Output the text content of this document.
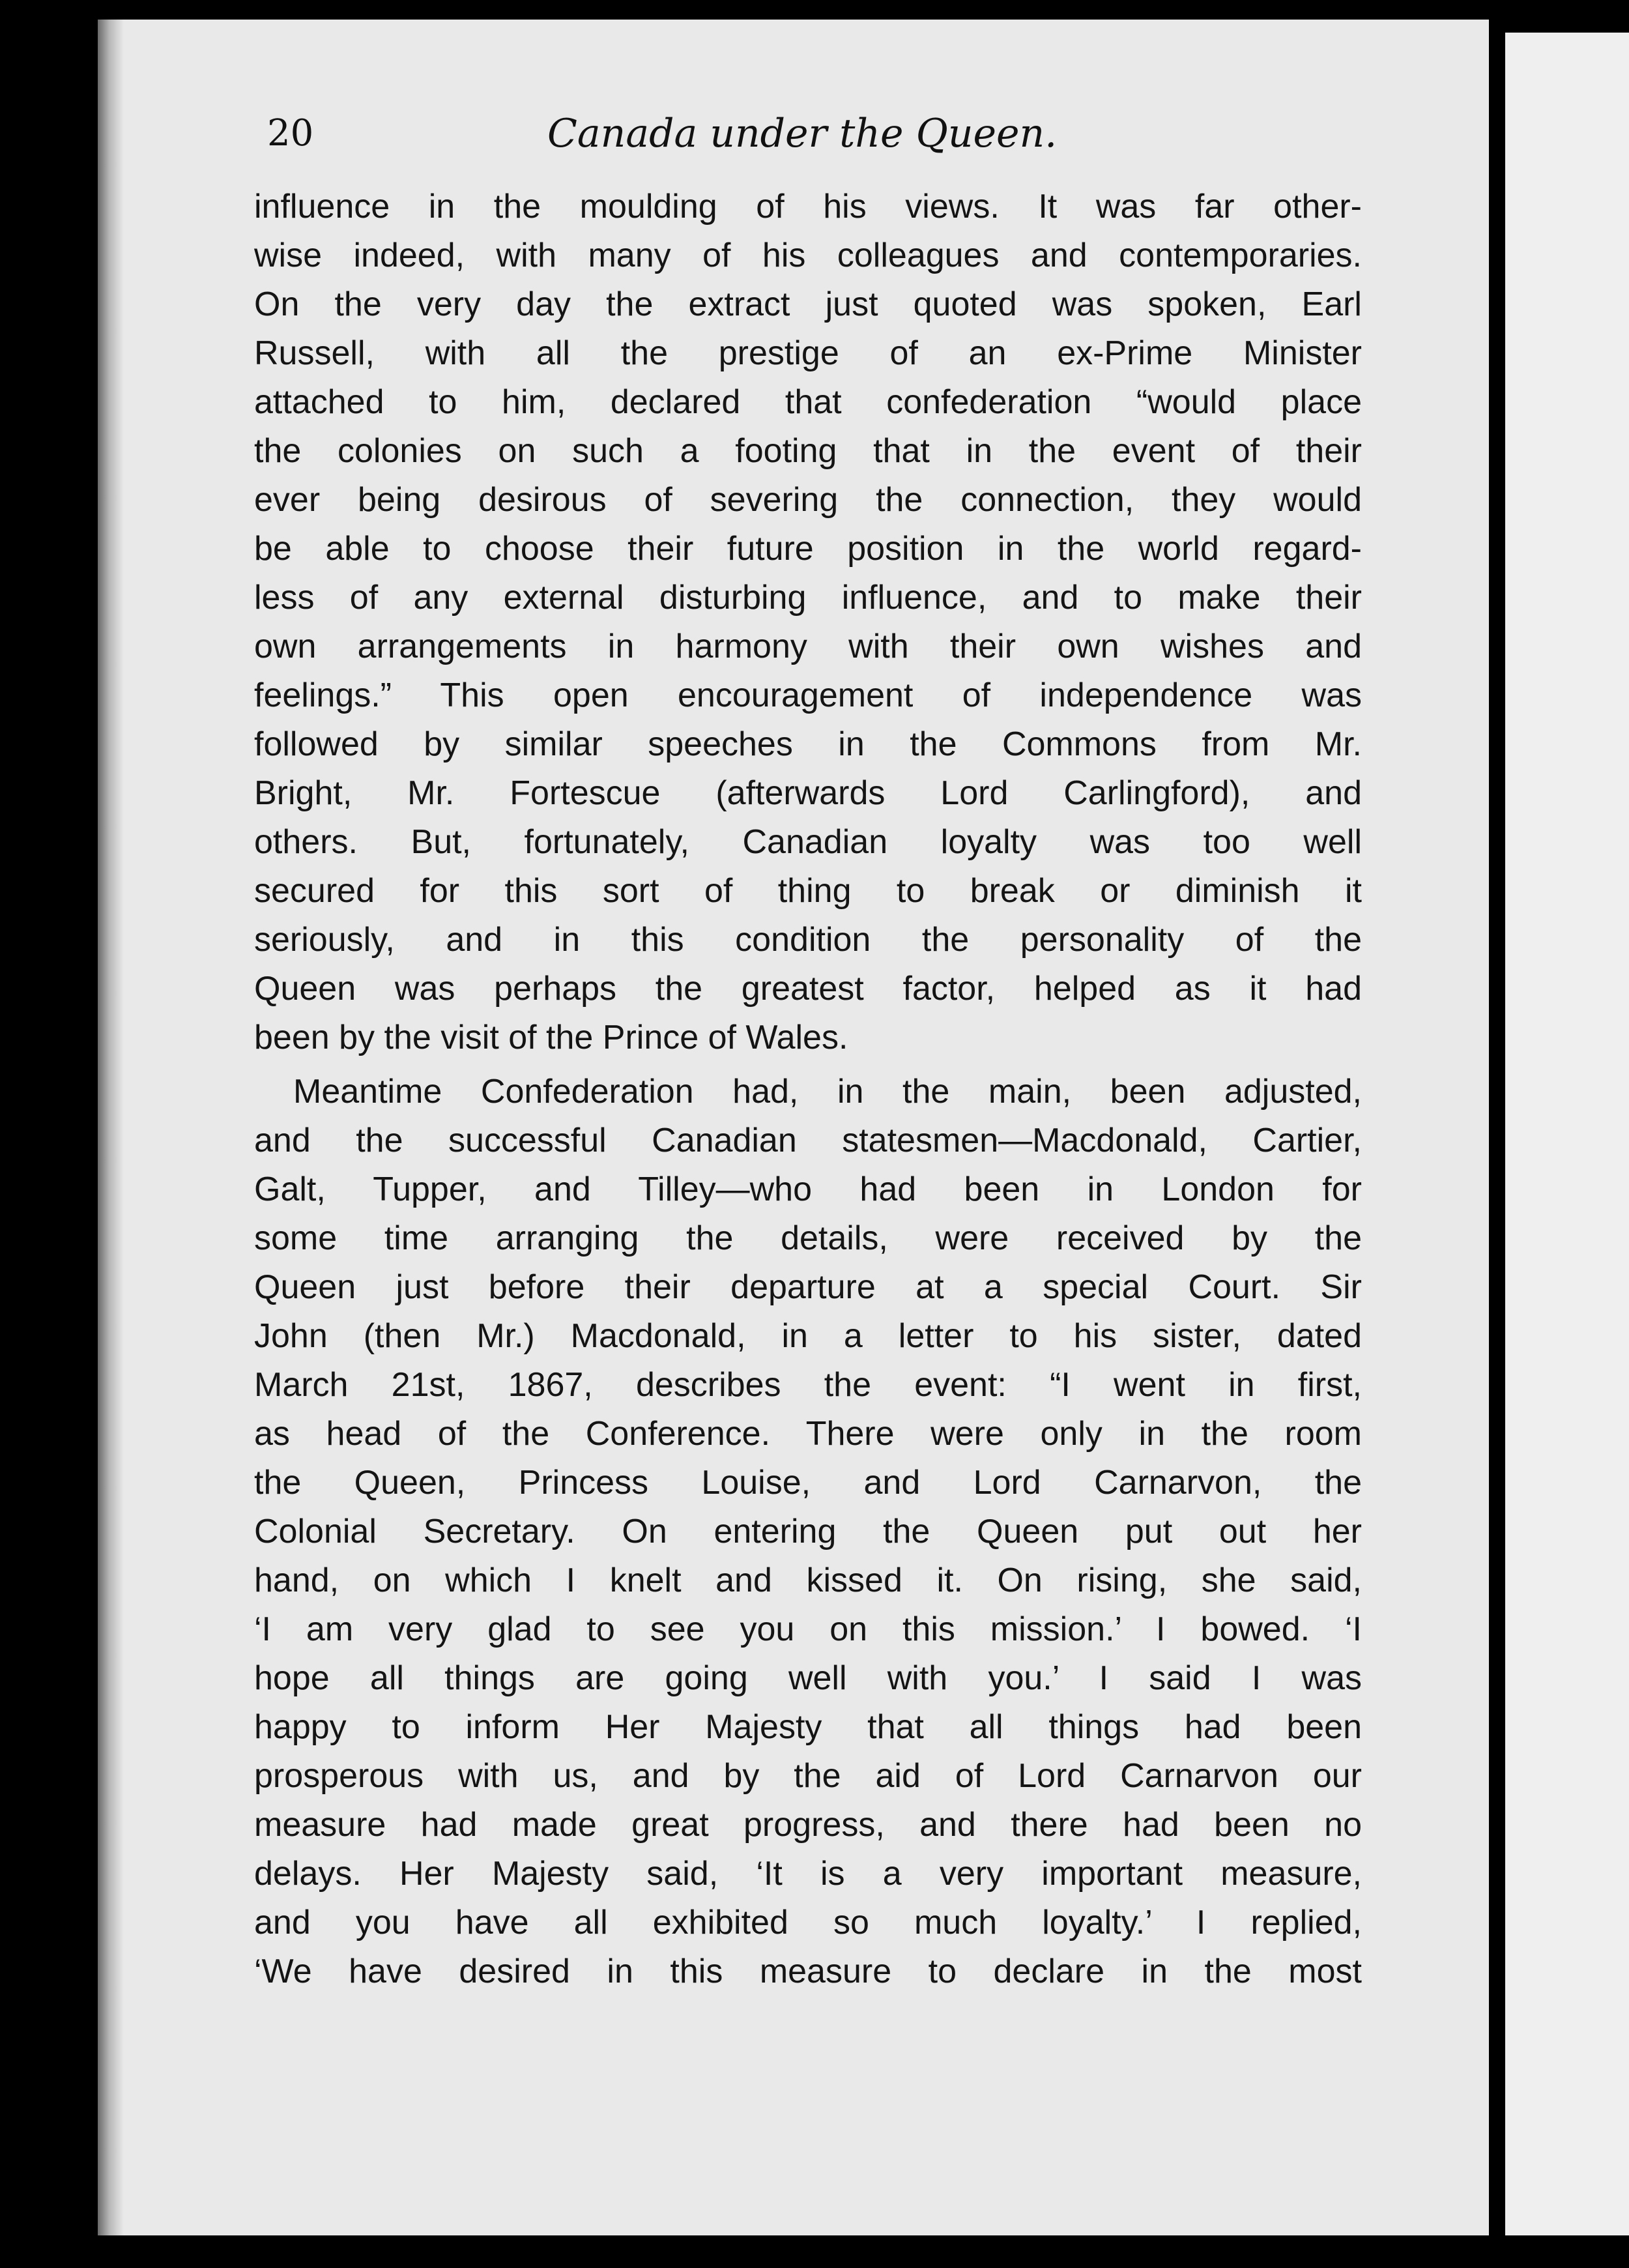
20	Canada under the Queen.
influence in the moulding of his views. It was far other-
wise indeed, with many of his colleagues and contemporaries.
On the very day the extract just quoted was spoken, Earl
Russell, with all the prestige of an ex-Prime Minister
attached to him, declared that confederation “would place
the colonies on such a footing that in the event of their
ever being desirous of severing the connection, they would
be able to choose their future position in the world regard-
less of any external disturbing influence, and to make their
own arrangements in harmony with their own wishes and
feelings.” This open encouragement of independence was
followed by similar speeches in the Commons from Mr.
Bright, Mr. Fortescue (afterwards Lord Carlingford), and
others. But, fortunately, Canadian loyalty was too well
secured for this sort of thing to break or diminish it
seriously, and in this condition the personality of the
Queen was perhaps the greatest factor, helped as it had
been by the visit of the Prince of Wales.
Meantime Confederation had, in the main, been adjusted,
and the successful Canadian statesmen—Macdonald, Cartier,
Galt, Tupper, and Tilley—who had been in London for
some time arranging the details, were received by the
Queen just before their departure at a special Court. Sir
John (then Mr.) Macdonald, in a letter to his sister, dated
March 21st, 1867, describes the event: “I went in first,
as head of the Conference. There were only in the room
the Queen, Princess Louise, and Lord Carnarvon, the
Colonial Secretary. On entering the Queen put out her
hand, on which I knelt and kissed it. On rising, she said,
‘I am very glad to see you on this mission.’ I bowed. ‘I
hope all things are going well with you.’ I said I was
happy to inform Her Majesty that all things had been
prosperous with us, and by the aid of Lord Carnarvon our
measure had made great progress, and there had been no
delays. Her Majesty said, ‘It is a very important measure,
and you have all exhibited so much loyalty.’ I replied,
‘We have desired in this measure to declare in the most
